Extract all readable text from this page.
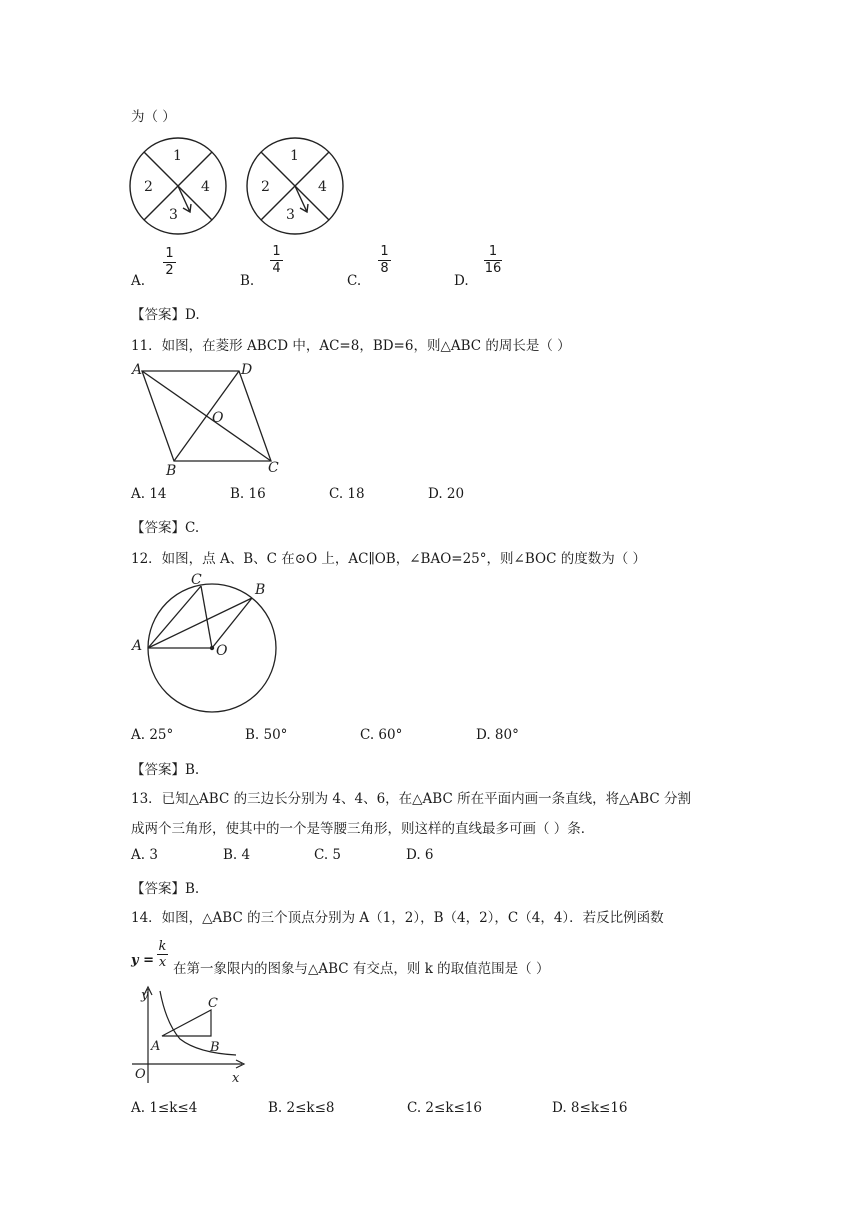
为（ ）
1
2
3
4
1
2
3
4
A.
1
2
B.
1
4
C.
1
8
D.
1
16
【答案】D.
11．如图，在菱形 ABCD 中，AC=8，BD=6，则△ABC 的周长是（ ）
A	D
O
B	C
A. 14	B. 16	C. 18	D. 20
【答案】C.
12．如图，点 A、B、C 在⊙O 上，AC∥OB，∠BAO=25°，则∠BOC 的度数为（ ）
A
C
B
O
A. 25°	B. 50°	C. 60°	D. 80°
【答案】B.
13．已知△ABC 的三边长分别为 4、4、6，在△ABC 所在平面内画一条直线，将△ABC 分割
成两个三角形，使其中的一个是等腰三角形，则这样的直线最多可画（ ）条．
A. 3	B. 4	C. 5	D. 6
【答案】B.
14．如图，△ABC 的三个顶点分别为 A（1，2），B（4，2），C（4，4）．若反比例函数
y =
k
x 在第一象限内的图象与△ABC 有交点，则 k 的取值范围是（ ）
y
x
O
A	B
C
A. 1≤k≤4	B. 2≤k≤8	C. 2≤k≤16	D. 8≤k≤16
